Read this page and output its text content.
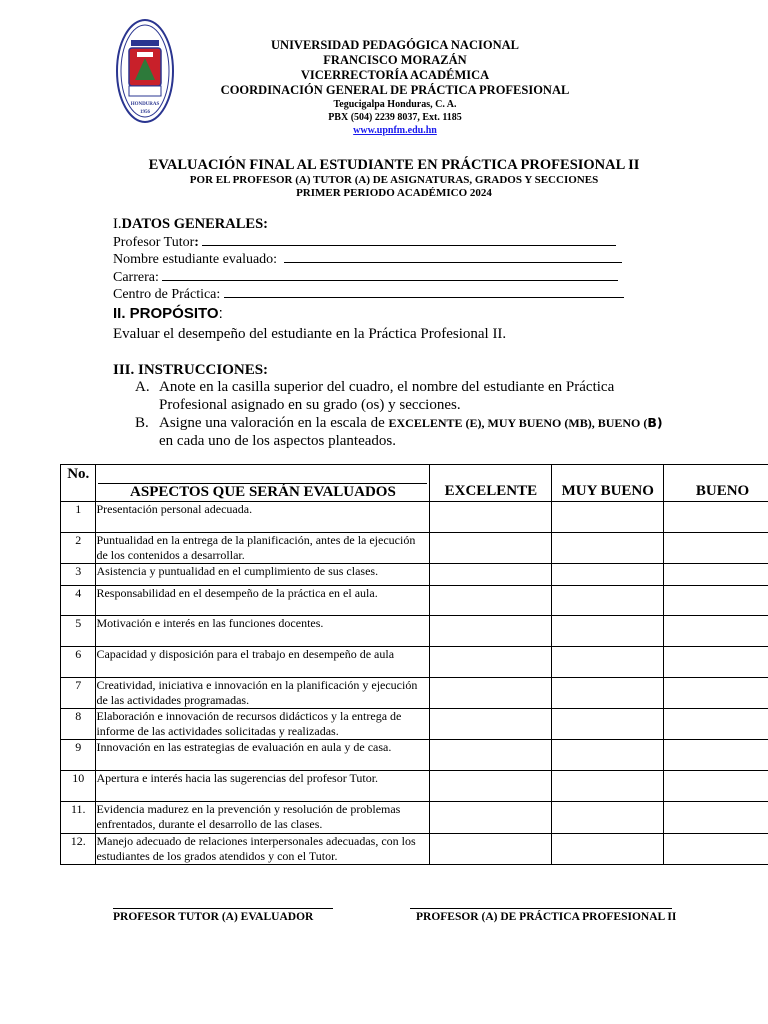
HONDURAS
1956
UNIVERSIDAD PEDAGÓGICA NACIONAL
FRANCISCO MORAZÁN
VICERRECTORÍA ACADÉMICA
COORDINACIÓN GENERAL DE PRÁCTICA PROFESIONAL
Tegucigalpa Honduras, C. A.
PBX (504) 2239 8037, Ext. 1185
www.upnfm.edu.hn
EVALUACIÓN FINAL AL ESTUDIANTE EN PRÁCTICA PROFESIONAL II
POR EL PROFESOR (A) TUTOR (A) DE ASIGNATURAS, GRADOS Y SECCIONES
PRIMER PERIODO ACADÉMICO 2024
I.DATOS GENERALES:
Profesor Tutor:
Nombre estudiante evaluado:
Carrera:
Centro de Práctica:
II. PROPÓSITO:
Evaluar el desempeño del estudiante en la Práctica Profesional II.
III. INSTRUCCIONES:
A. Anote en la casilla superior del cuadro, el nombre del estudiante en Práctica Profesional asignado en su grado (os) y secciones.
B. Asigne una valoración en la escala de EXCELENTE (E), MUY BUENO (MB), BUENO (B)
en cada uno de los aspectos planteados.
No.	ASPECTOS QUE SERÁN EVALUADOS	EXCELENTE	MUY BUENO	BUENO
1	Presentación personal adecuada.			
2	Puntualidad en la entrega de la planificación, antes de la ejecución de los contenidos a desarrollar.			
3	Asistencia y puntualidad en el cumplimiento de sus clases.			
4	Responsabilidad en el desempeño de la práctica en el aula.			
5	Motivación e interés en las funciones docentes.			
6	Capacidad y disposición para el trabajo en desempeño de aula			
7	Creatividad, iniciativa e innovación en la planificación y ejecución de las actividades programadas.			
8	Elaboración e innovación de recursos didácticos y la entrega de informe de las actividades solicitadas y realizadas.			
9	Innovación en las estrategias de evaluación en aula y de casa.			
10	Apertura e interés hacia las sugerencias del profesor Tutor.			
11.	Evidencia madurez en la prevención y resolución de problemas enfrentados, durante el desarrollo de las clases.			
12.	Manejo adecuado de relaciones interpersonales adecuadas, con los estudiantes de los grados atendidos y con el Tutor.			
PROFESOR TUTOR (A) EVALUADOR	PROFESOR (A) DE PRÁCTICA PROFESIONAL II
